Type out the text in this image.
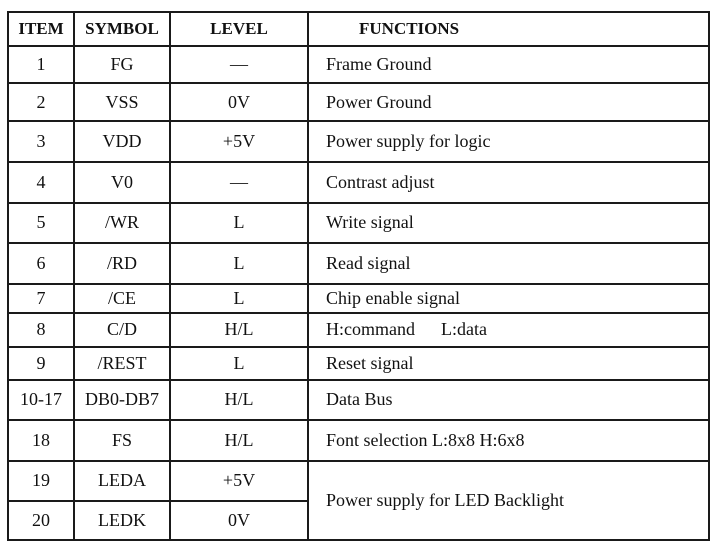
ITEM	SYMBOL	LEVEL	FUNCTIONS
1	FG	—	Frame Ground
2	VSS	0V	Power Ground
3	VDD	+5V	Power supply for logic
4	V0	—	Contrast adjust
5	/WR	L	Write signal
6	/RD	L	Read signal
7	/CE	L	Chip enable signal
8	C/D	H/L	H:command L:data
9	/REST	L	Reset signal
10-17	DB0-DB7	H/L	Data Bus
18	FS	H/L	Font selection L:8x8 H:6x8
19	LEDA	+5V	Power supply for LED Backlight
20	LEDK	0V	
